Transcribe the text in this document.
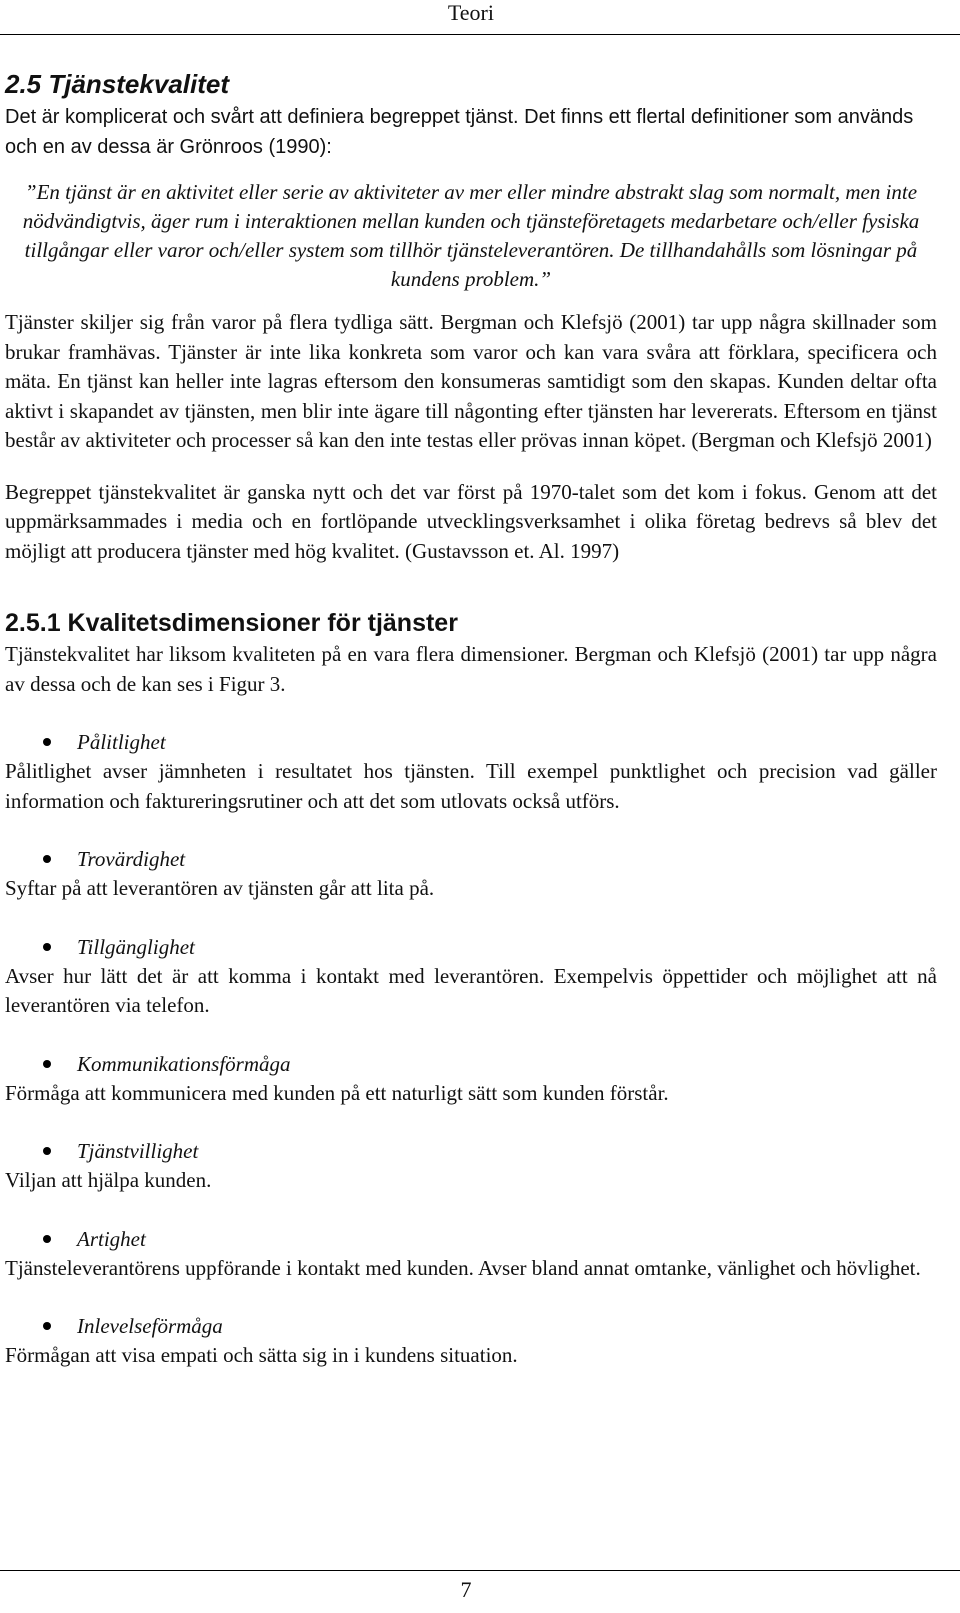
Teori
2.5 Tjänstekvalitet

Det är komplicerat och svårt att definiera begreppet tjänst. Det finns ett flertal definitioner som används och en av dessa är Grönroos (1990):

”En tjänst är en aktivitet eller serie av aktiviteter av mer eller mindre abstrakt slag som normalt, men inte nödvändigtvis, äger rum i interaktionen mellan kunden och tjänsteföretagets medarbetare och/eller fysiska tillgångar eller varor och/eller system som tillhör tjänsteleverantören. De tillhandahålls som lösningar på kundens problem.”

Tjänster skiljer sig från varor på flera tydliga sätt. Bergman och Klefsjö (2001) tar upp några skillnader som brukar framhävas. Tjänster är inte lika konkreta som varor och kan vara svåra att förklara, specificera och mäta. En tjänst kan heller inte lagras eftersom den konsumeras samtidigt som den skapas. Kunden deltar ofta aktivt i skapandet av tjänsten, men blir inte ägare till någonting efter tjänsten har levererats. Eftersom en tjänst består av aktiviteter och processer så kan den inte testas eller prövas innan köpet. (Bergman och Klefsjö 2001)

Begreppet tjänstekvalitet är ganska nytt och det var först på 1970-talet som det kom i fokus. Genom att det uppmärksammades i media och en fortlöpande utvecklingsverksamhet i olika företag bedrevs så blev det möjligt att producera tjänster med hög kvalitet. (Gustavsson et. Al. 1997)

2.5.1 Kvalitetsdimensioner för tjänster

Tjänstekvalitet har liksom kvaliteten på en vara flera dimensioner. Bergman och Klefsjö (2001) tar upp några av dessa och de kan ses i Figur 3.

Pålitlighet

Pålitlighet avser jämnheten i resultatet hos tjänsten. Till exempel punktlighet och precision vad gäller information och faktureringsrutiner och att det som utlovats också utförs.

Trovärdighet

Syftar på att leverantören av tjänsten går att lita på.

Tillgänglighet

Avser hur lätt det är att komma i kontakt med leverantören. Exempelvis öppettider och möjlighet att nå leverantören via telefon.

Kommunikationsförmåga

Förmåga att kommunicera med kunden på ett naturligt sätt som kunden förstår.

Tjänstvillighet

Viljan att hjälpa kunden.

Artighet

Tjänsteleverantörens uppförande i kontakt med kunden. Avser bland annat omtanke, vänlighet och hövlighet.

Inlevelseförmåga

Förmågan att visa empati och sätta sig in i kundens situation.

7
